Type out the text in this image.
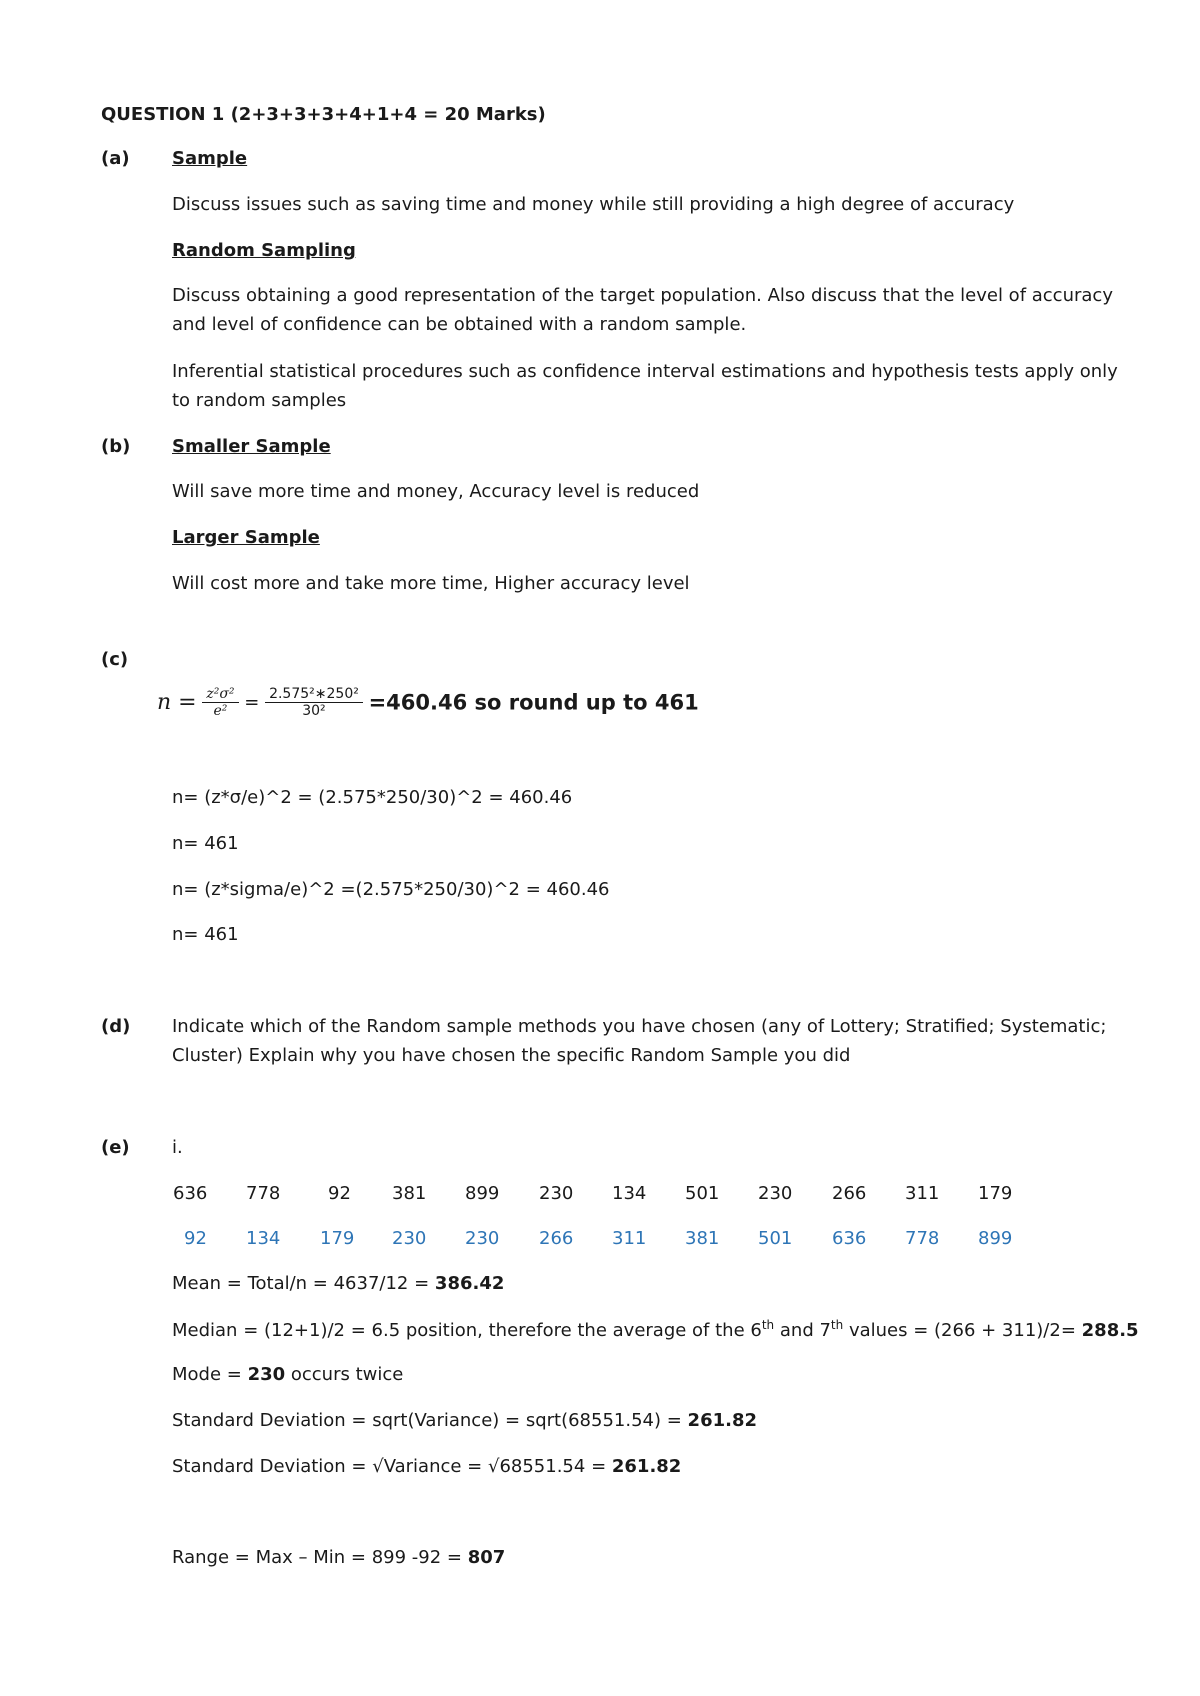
QUESTION 1 (2+3+3+3+4+1+4 = 20 Marks)
(a) Sample
Discuss issues such as saving time and money while still providing a high degree of accuracy
Random Sampling
Discuss obtaining a good representation of the target population. Also discuss that the level of accuracy
and level of confidence can be obtained with a random sample.
Inferential statistical procedures such as confidence interval estimations and hypothesis tests apply only
to random samples
(b) Smaller Sample
Will save more time and money, Accuracy level is reduced
Larger Sample
Will cost more and take more time, Higher accuracy level
(c)
$n = \frac{\text{z²σ²}}{\text{e²}} = \frac{\text{2.575²∗250²}}{\text{30²}} =460.46$ so round up to 461
n= (z*σ/e)^2 = (2.575*250/30)^2 = 460.46
n= 461
n= (z*sigma/e)^2 =(2.575*250/30)^2 = 460.46
n= 461
(d) Indicate which of the Random sample methods you have chosen (any of Lottery; Stratified; Systematic;
Cluster) Explain why you have chosen the specific Random Sample you did
(e) i.
636 778	92 381 899 230 134 501 230 266 311 179
92 134 179 230 230 266 311 381 501 636 778 899
Mean = Total/n = 4637/12 = 386.42
Median = (12+1)/2 = 6.5 position, therefore the average of the 6th and 7th values = (266 + 311)/2= 288.5
Mode = 230 occurs twice
Standard Deviation = sqrt(Variance) = sqrt(68551.54) = 261.82
Standard Deviation = √Variance = √68551.54 = 261.82
Range = Max – Min = 899 -92 = 807
